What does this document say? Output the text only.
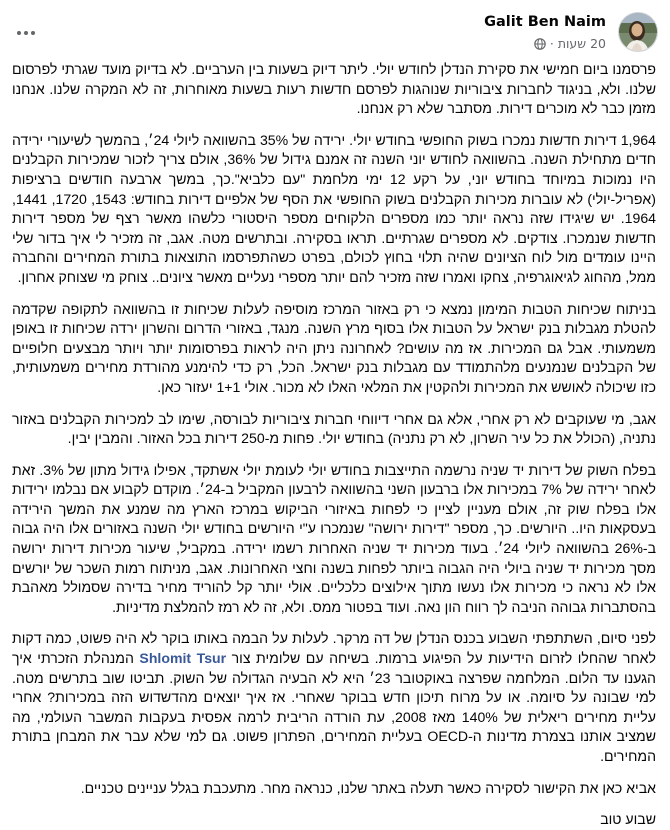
Galit Ben Naim
20 שעות
·

פרסמנו ביום חמישי את סקירת הנדלן לחודש יולי. ליתר דיוק בשעות בין הערביים. לא בדיוק מועד שגרתי לפרסום שלנו. ולא, בניגוד לחברות ציבוריות שנוהגות לפרסם חדשות רעות בשעות מאוחרות, זה לא המקרה שלנו. אנחנו מזמן כבר לא מוכרים דירות. מסתבר שלא רק אנחנו.

1,964 דירות חדשות נמכרו בשוק החופשי בחודש יולי. ירידה של 35% בהשוואה ליולי 24׳, בהמשך לשיעורי ירידה חדים מתחילת השנה. בהשוואה לחודש יוני השנה זה אמנם גידול של 36%, אולם צריך לזכור שמכירות הקבלנים היו נמוכות במיוחד בחודש יוני, על רקע 12 ימי מלחמת "עם כלביא".כך, במשך ארבעה חודשים ברציפות (אפריל-יולי) לא עוברות מכירות הקבלנים בשוק החופשי את הסף של אלפיים דירות בחודש: 1543, 1720, 1441, 1964. יש שיגידו שזה נראה יותר כמו מספרים הלקוחים מספר היסטורי כלשהו מאשר רצף של מספר דירות חדשות שנמכרו. צודקים. לא מספרים שגרתיים. תראו בסקירה. ובתרשים מטה. אגב, זה מזכיר לי איך בדור שלי היינו עומדים מול לוח הציונים שהיה תלוי בחוץ לכולם, בפרט כשהתפרסמו התוצאות בתורת המחירים והחברה ממל, מהחוג לגיאוגרפיה, צחקו ואמרו שזה מזכיר להם יותר מספרי נעליים מאשר ציונים.. צוחק מי שצוחק אחרון.

בניתוח שכיחות הטבות המימון נמצא כי רק באזור המרכז מוסיפה לעלות שכיחות זו בהשוואה לתקופה שקדמה להטלת מגבלות בנק ישראל על הטבות אלו בסוף מרץ השנה. מנגד, באזורי הדרום והשרון ירדה שכיחות זו באופן משמעותי. אבל גם המכירות. אז מה עושים? לאחרונה ניתן היה לראות בפרסומות יותר ויותר מבצעים חלופיים של הקבלנים שנמנעים מלהתמודד עם מגבלות בנק ישראל. הכל, רק כדי להימנע מהורדת מחירים משמעותית, כזו שיכולה לאושש את המכירות ולהקטין את המלאי האלו לא מכור. אולי 1+1 יעזור כאן.

אגב, מי שעוקבים לא רק אחרי, אלא גם אחרי דיווחי חברות ציבוריות לבורסה, שימו לב למכירות הקבלנים באזור נתניה, (הכולל את כל עיר השרון, לא רק נתניה) בחודש יולי. פחות מ-250 דירות בכל האזור. והמבין יבין.

בפלח השוק של דירות יד שניה נרשמה התייצבות בחודש יולי לעומת יולי אשתקד, אפילו גידול מתון של 3%. זאת לאחר ירידה של 7% במכירות אלו ברבעון השני בהשוואה לרבעון המקביל ב-24׳. מוקדם לקבוע אם נבלמו ירידות אלו בפלח שוק זה, אולם מעניין לציין כי לפחות באיזורי הביקוש במרכז הארץ מה שמנע את המשך הירידה בעסקאות היו.. היורשים. כך, מספר "דירות ירושה" שנמכרו ע"י היורשים בחודש יולי השנה באזורים אלו היה גבוה ב-26% בהשוואה ליולי 24׳. בעוד מכירות יד שניה האחרות רשמו ירידה. במקביל, שיעור מכירות דירות ירושה מסך מכירות יד שניה ביולי היה הגבוה ביותר לפחות בשנה וחצי האחרונות. אגב, מניתוח רמות השכר של יורשים אלו לא נראה כי מכירות אלו נעשו מתוך אילוצים כלכליים. אולי יותר קל להוריד מחיר בדירה שסמולל מאהבת בהסתברות גבוהה הניבה לך רווח הון נאה. ועוד בפטור ממס. ולא, זה לא רמז להמלצת מדיניות.

לפני סיום, השתתפתי השבוע בכנס הנדלן של דה מרקר. לעלות על הבמה באותו בוקר לא היה פשוט, כמה דקות לאחר שהחלו לזרום הידיעות על הפיגוע ברמות. בשיחה עם שלומית צור Shlomit Tsur המנהלת הזכרתי איך הגענו עד הלום. המלחמה שפרצה באוקטובר 23׳ היא לא הבעיה הגדולה של השוק. תביטו שוב בתרשים מטה. למי שבונה על סיומה. או על מרוח תיכון חדש בבוקר שאחרי. אז איך יוצאים מהדשדוש הזה במכירות? אחרי עליית מחירים ריאלית של 140% מאז 2008, עת הורדה הריבית לרמה אפסית בעקבות המשבר העולמי, מה שמציב אותנו בצמרת מדינות ה-OECD בעליית המחירים, הפתרון פשוט. גם למי שלא עבר את המבחן בתורת המחירים.

אביא כאן את הקישור לסקירה כאשר תעלה באתר שלנו, כנראה מחר. מתעכבת בגלל עניינים טכניים.

שבוע טוב
